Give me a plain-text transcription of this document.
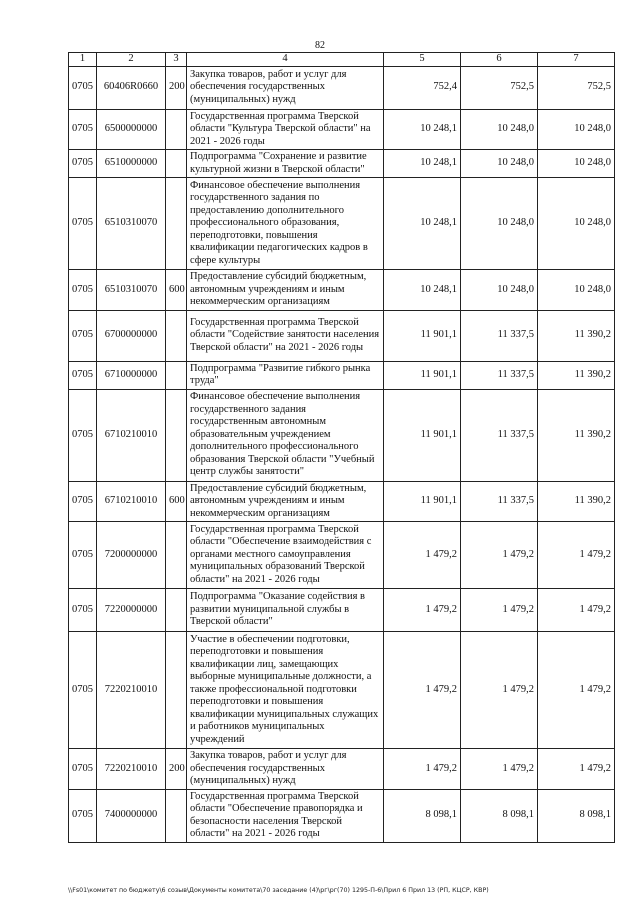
82
1	2	3	4	5	6	7
0705	60406R0660	200	Закупка товаров, работ и услуг для обеспечения государственных (муниципальных) нужд	752,4	752,5	752,5
0705	6500000000		Государственная программа Тверской области "Культура Тверской области" на 2021 - 2026 годы	10 248,1	10 248,0	10 248,0
0705	6510000000		Подпрограмма "Сохранение и развитие культурной жизни в Тверской области"	10 248,1	10 248,0	10 248,0
0705	6510310070		Финансовое обеспечение выполнения государственного задания по предоставлению дополнительного профессионального образования, переподготовки, повышения квалификации педагогических кадров в сфере культуры	10 248,1	10 248,0	10 248,0
0705	6510310070	600	Предоставление субсидий бюджетным, автономным учреждениям и иным некоммерческим организациям	10 248,1	10 248,0	10 248,0
0705	6700000000		Государственная программа Тверской области "Содействие занятости населения Тверской области" на 2021 - 2026 годы	11 901,1	11 337,5	11 390,2
0705	6710000000		Подпрограмма "Развитие гибкого рынка труда"	11 901,1	11 337,5	11 390,2
0705	6710210010		Финансовое обеспечение выполнения государственного задания государственным автономным образовательным учреждением дополнительного профессионального образования Тверской области "Учебный центр службы занятости"	11 901,1	11 337,5	11 390,2
0705	6710210010	600	Предоставление субсидий бюджетным, автономным учреждениям и иным некоммерческим организациям	11 901,1	11 337,5	11 390,2
0705	7200000000		Государственная программа Тверской области "Обеспечение взаимодействия с органами местного самоуправления муниципальных образований Тверской области" на 2021 - 2026 годы	1 479,2	1 479,2	1 479,2
0705	7220000000		Подпрограмма "Оказание содействия в развитии муниципальной службы в Тверской области"	1 479,2	1 479,2	1 479,2
0705	7220210010		Участие в обеспечении подготовки, переподготовки и повышения квалификации лиц, замещающих выборные муниципальные должности, а также профессиональной подготовки переподготовки и повышения квалификации муниципальных служащих и работников муниципальных учреждений	1 479,2	1 479,2	1 479,2
0705	7220210010	200	Закупка товаров, работ и услуг для обеспечения государственных (муниципальных) нужд	1 479,2	1 479,2	1 479,2
0705	7400000000		Государственная программа Тверской области "Обеспечение правопорядка и безопасности населения Тверской области" на 2021 - 2026 годы	8 098,1	8 098,1	8 098,1
\\Fs01\комитет по бюджету\6 созыв\Документы комитета\70 заседание (4)\рг\рг(70) 1295-П-6\Прил 6 Прил 13 (РП, КЦСР, КВР)
